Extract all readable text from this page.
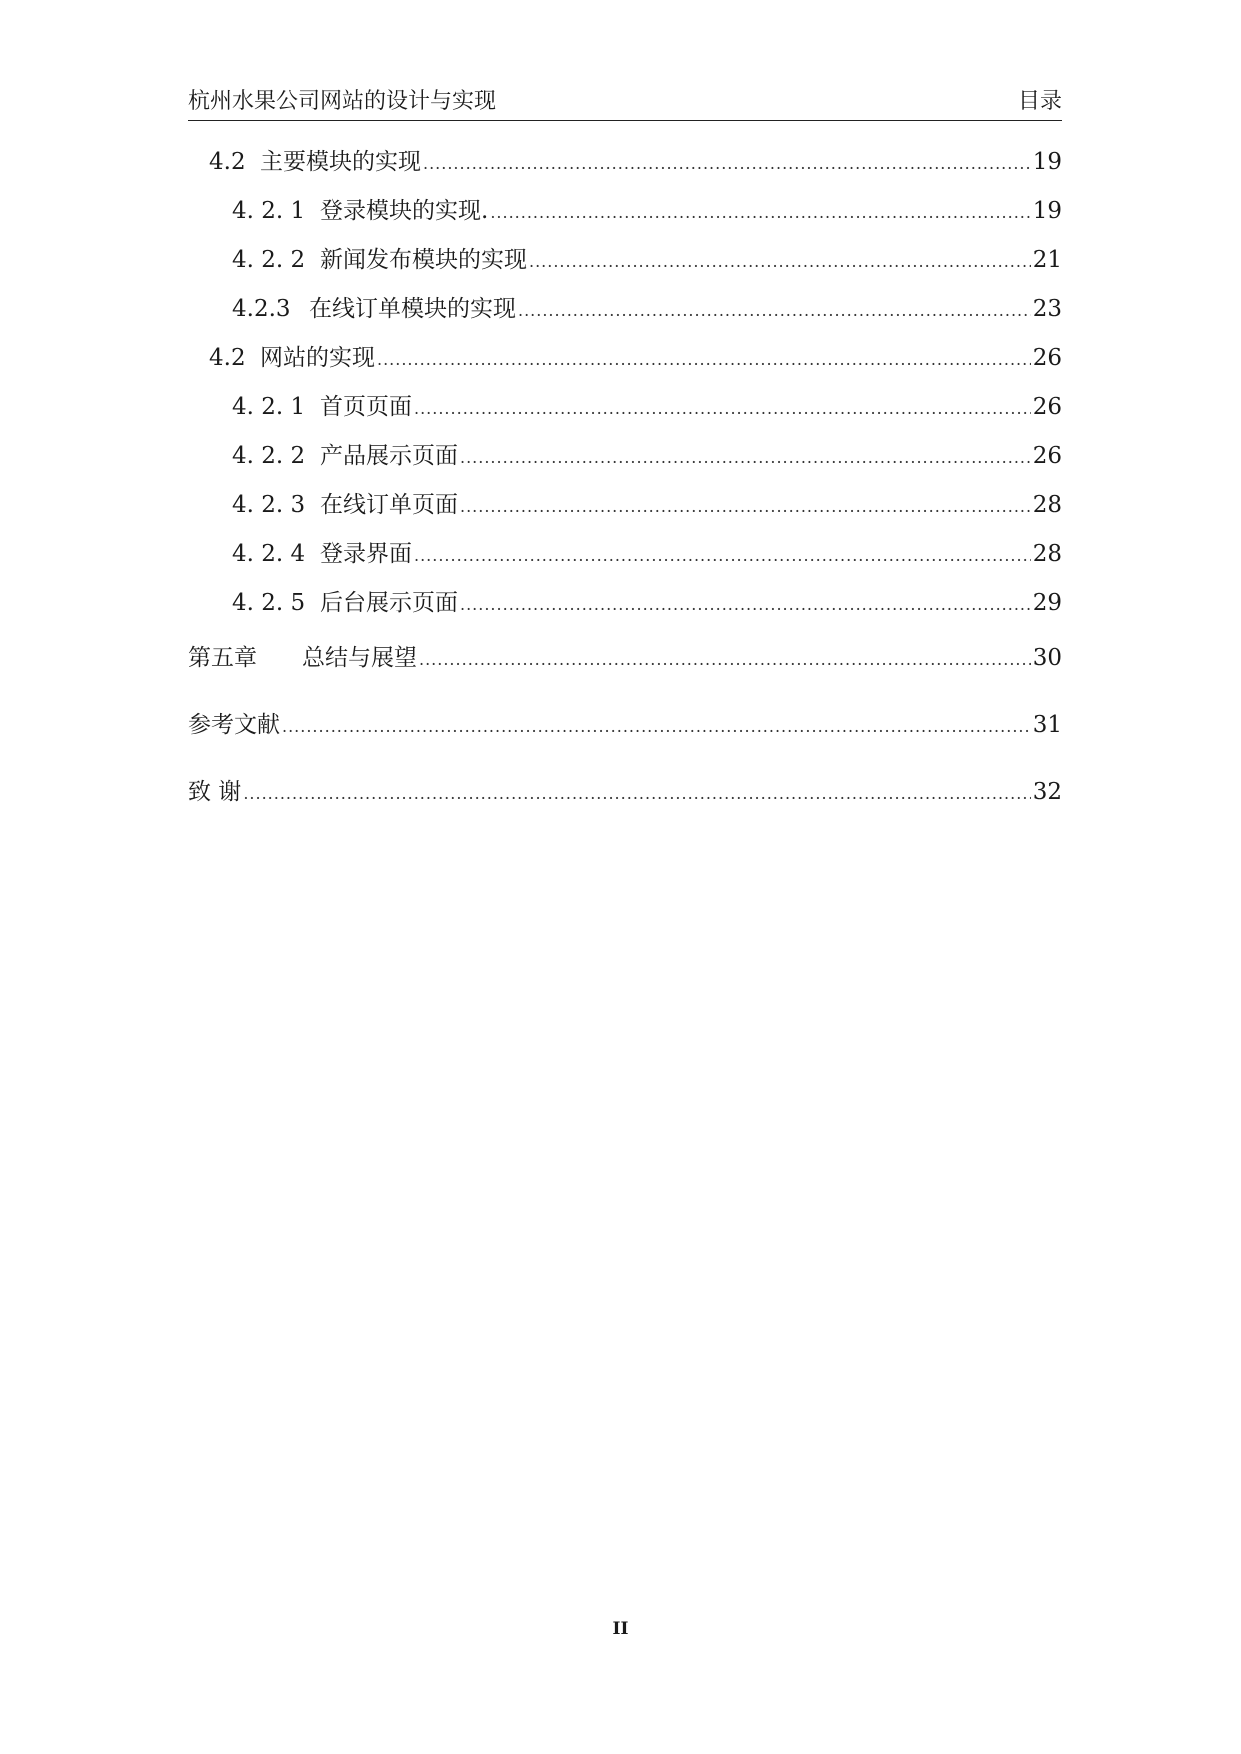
杭州水果公司网站的设计与实现	目录
4.2 主要模块的实现 .....	19
4. 2. 1 登录模块的实现. .....	19
4. 2. 2 新闻发布模块的实现 .....	21
4.2.3 在线订单模块的实现 .....	23
4.2 网站的实现 .....	26
4. 2. 1 首页页面 .....	26
4. 2. 2 产品展示页面 .....	26
4. 2. 3 在线订单页面 .....	28
4. 2. 4 登录界面 .....	28
4. 2. 5 后台展示页面 .....	29
第五章	总结与展望 .....	30
参考文献 .....	31
致 谢 .....	32
II
